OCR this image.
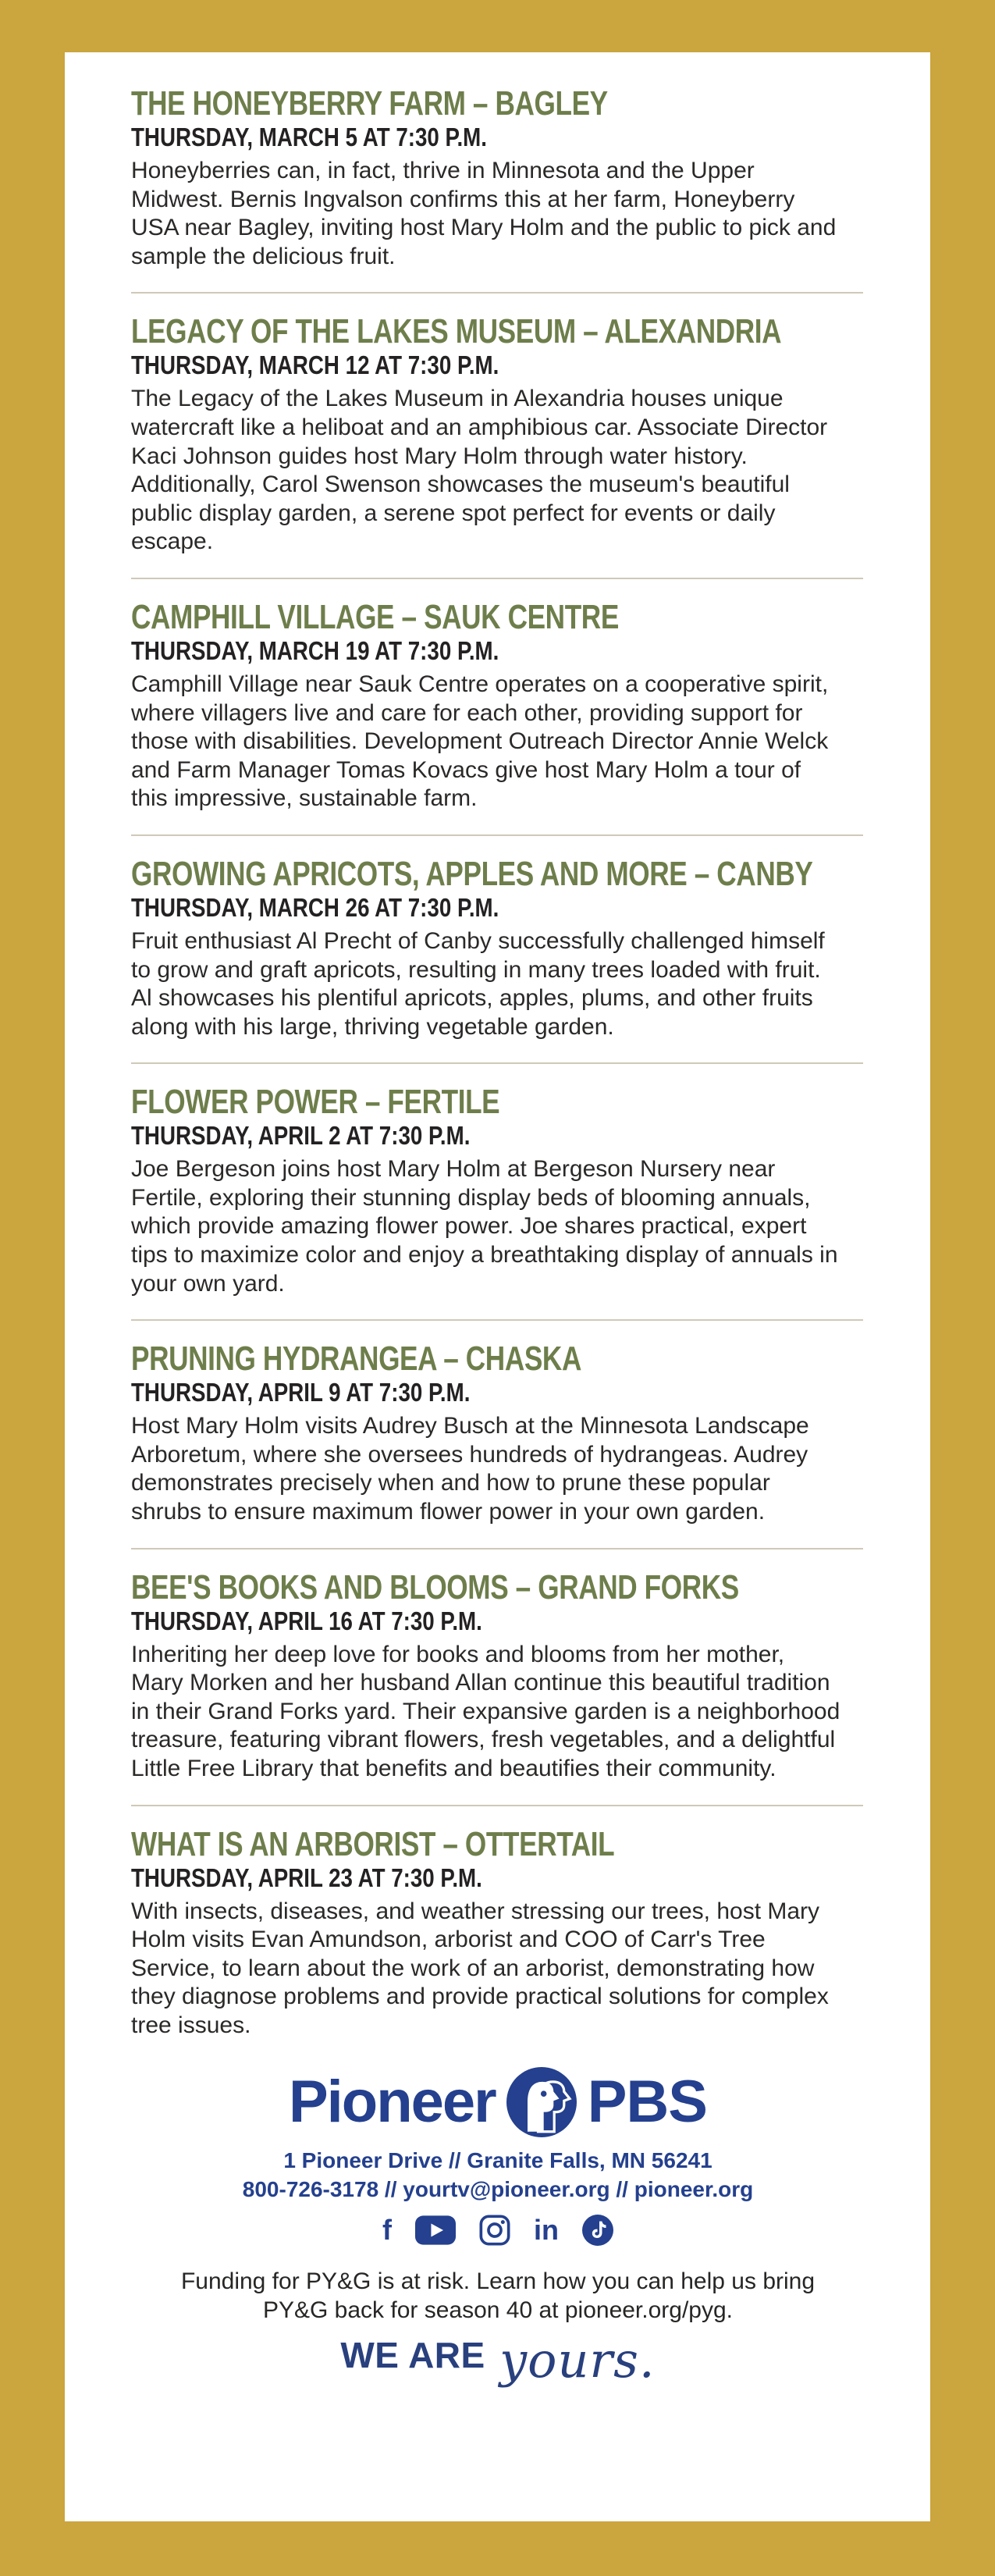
THE HONEYBERRY FARM – BAGLEY
THURSDAY, MARCH 5 AT 7:30 P.M.

Honeyberries can, in fact, thrive in Minnesota and the Upper Midwest. Bernis Ingvalson confirms this at her farm, Honeyberry USA near Bagley, inviting host Mary Holm and the public to pick and sample the delicious fruit.

LEGACY OF THE LAKES MUSEUM – ALEXANDRIA
THURSDAY, MARCH 12 AT 7:30 P.M.

The Legacy of the Lakes Museum in Alexandria houses unique watercraft like a heliboat and an amphibious car. Associate Director Kaci Johnson guides host Mary Holm through water history. Additionally, Carol Swenson showcases the museum's beautiful public display garden, a serene spot perfect for events or daily escape.

CAMPHILL VILLAGE – SAUK CENTRE
THURSDAY, MARCH 19 AT 7:30 P.M.

Camphill Village near Sauk Centre operates on a cooperative spirit, where villagers live and care for each other, providing support for those with disabilities. Development Outreach Director Annie Welck and Farm Manager Tomas Kovacs give host Mary Holm a tour of this impressive, sustainable farm.

GROWING APRICOTS, APPLES AND MORE – CANBY
THURSDAY, MARCH 26 AT 7:30 P.M.

Fruit enthusiast Al Precht of Canby successfully challenged himself to grow and graft apricots, resulting in many trees loaded with fruit. Al showcases his plentiful apricots, apples, plums, and other fruits along with his large, thriving vegetable garden.

FLOWER POWER – FERTILE
THURSDAY, APRIL 2 AT 7:30 P.M.

Joe Bergeson joins host Mary Holm at Bergeson Nursery near Fertile, exploring their stunning display beds of blooming annuals, which provide amazing flower power. Joe shares practical, expert tips to maximize color and enjoy a breathtaking display of annuals in your own yard.

PRUNING HYDRANGEA – CHASKA
THURSDAY, APRIL 9 AT 7:30 P.M.

Host Mary Holm visits Audrey Busch at the Minnesota Landscape Arboretum, where she oversees hundreds of hydrangeas. Audrey demonstrates precisely when and how to prune these popular shrubs to ensure maximum flower power in your own garden.

BEE'S BOOKS AND BLOOMS – GRAND FORKS
THURSDAY, APRIL 16 AT 7:30 P.M.

Inheriting her deep love for books and blooms from her mother, Mary Morken and her husband Allan continue this beautiful tradition in their Grand Forks yard. Their expansive garden is a neighborhood treasure, featuring vibrant flowers, fresh vegetables, and a delightful Little Free Library that benefits and beautifies their community.

WHAT IS AN ARBORIST – OTTERTAIL
THURSDAY, APRIL 23 AT 7:30 P.M.

With insects, diseases, and weather stressing our trees, host Mary Holm visits Evan Amundson, arborist and COO of Carr's Tree Service, to learn about the work of an arborist, demonstrating how they diagnose problems and provide practical solutions for complex tree issues.

Pioneer PBS
1 Pioneer Drive // Granite Falls, MN 56241
800-726-3178 // yourtv@pioneer.org // pioneer.org
f	in

Funding for PY&G is at risk. Learn how you can help us bring PY&G back for season 40 at pioneer.org/pyg.

WE ARE yours.
